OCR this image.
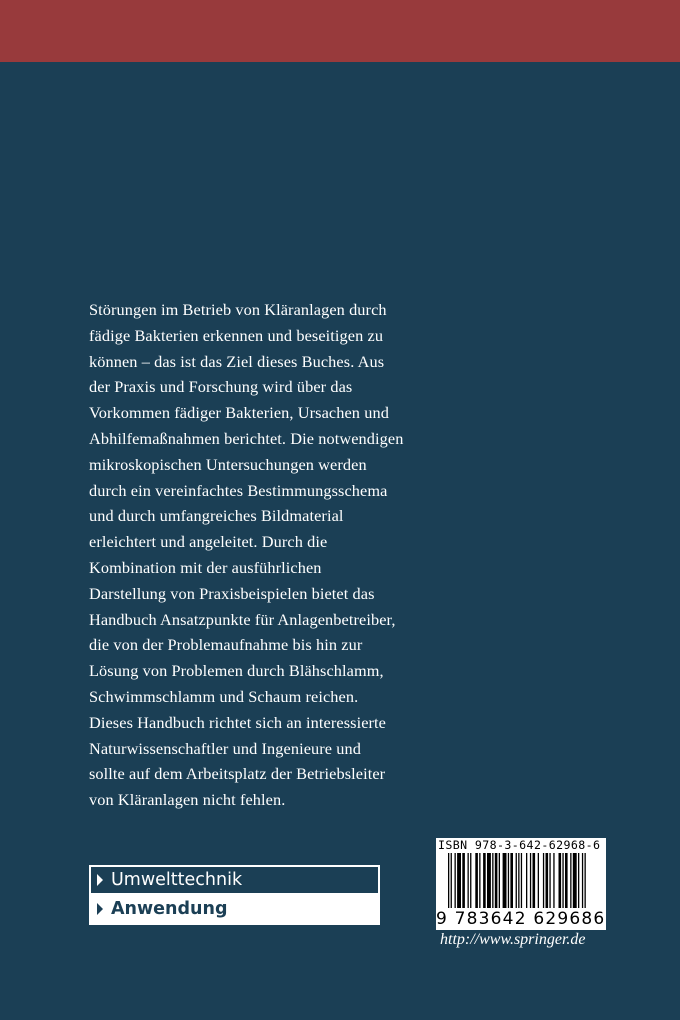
Störungen im Betrieb von Kläranlagen durch
fädige Bakterien erkennen und beseitigen zu
können – das ist das Ziel dieses Buches. Aus
der Praxis und Forschung wird über das
Vorkommen fädiger Bakterien, Ursachen und
Abhilfemaßnahmen berichtet. Die notwendigen
mikroskopischen Untersuchungen werden
durch ein vereinfachtes Bestimmungsschema
und durch umfangreiches Bildmaterial
erleichtert und angeleitet. Durch die
Kombination mit der ausführlichen
Darstellung von Praxisbeispielen bietet das
Handbuch Ansatzpunkte für Anlagenbetreiber,
die von der Problemaufnahme bis hin zur
Lösung von Problemen durch Blähschlamm,
Schwimmschlamm und Schaum reichen.
Dieses Handbuch richtet sich an interessierte
Naturwissenschaftler und Ingenieure und
sollte auf dem Arbeitsplatz der Betriebsleiter
von Kläranlagen nicht fehlen.
Umwelttechnik
Anwendung
ISBN 978-3-642-62968-6
9 783642 629686
http://www.springer.de
